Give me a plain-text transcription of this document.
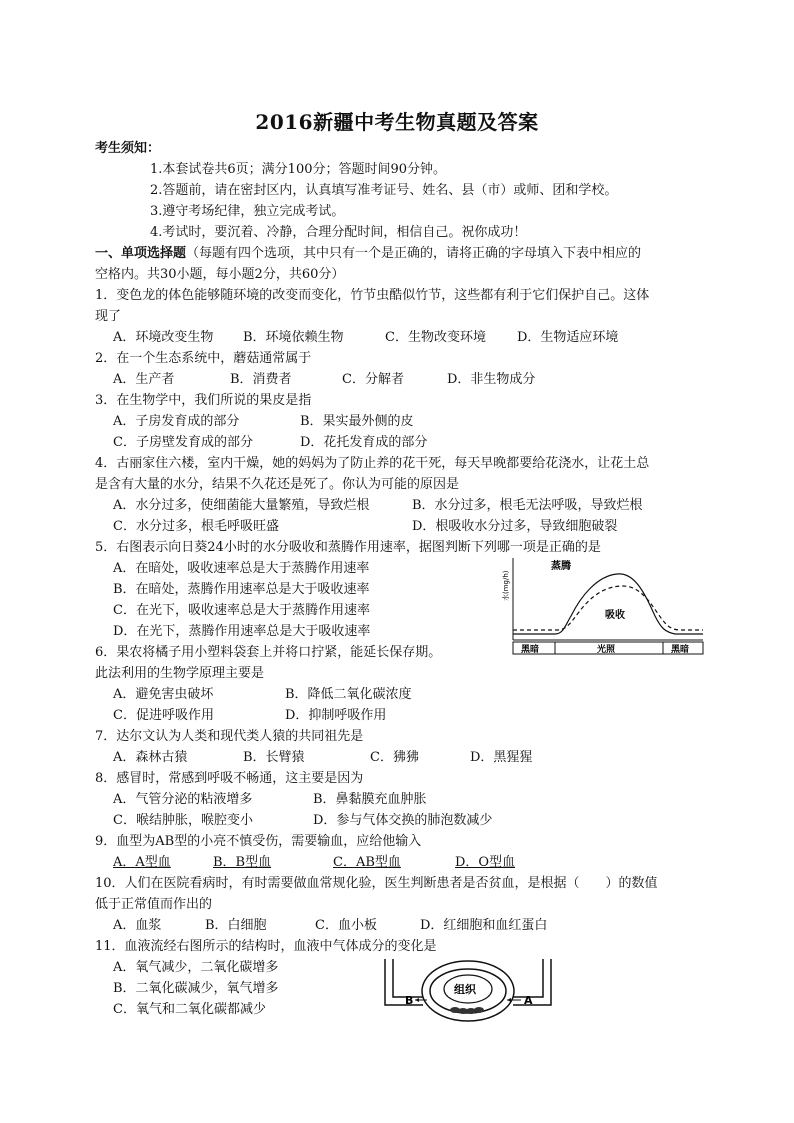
2016新疆中考生物真题及答案
考生须知：
1.本套试卷共6页；满分100分；答题时间90分钟。
2.答题前，请在密封区内，认真填写准考证号、姓名、县（市）或师、团和学校。
3.遵守考场纪律，独立完成考试。
4.考试时，要沉着、冷静，合理分配时间，相信自己。祝你成功！
一、单项选择题（每题有四个选项，其中只有一个是正确的，请将正确的字母填入下表中相应的
空格内。共30小题，每小题2分，共60分）
1．变色龙的体色能够随环境的改变而变化，竹节虫酷似竹节，这些都有利于它们保护自己。这体
现了
A．环境改变生物 B．环境依赖生物	C．生物改变环境 D．生物适应环境
2．在一个生态系统中，蘑菇通常属于
A．生产者	B．消费者	C．分解者	D．非生物成分
3．在生物学中，我们所说的果皮是指
A．子房发育成的部分	B．果实最外侧的皮
C．子房壁发育成的部分	D．花托发育成的部分
4．古丽家住六楼，室内干燥，她的妈妈为了防止养的花干死，每天早晚都要给花浇水，让花土总
是含有大量的水分，结果不久花还是死了。你认为可能的原因是
A．水分过多，使细菌能大量繁殖，导致烂根	B．水分过多，根毛无法呼吸，导致烂根
C．水分过多，根毛呼吸旺盛	D．根吸收水分过多，导致细胞破裂
5．右图表示向日葵24小时的水分吸收和蒸腾作用速率，据图判断下列哪一项是正确的是
A．在暗处，吸收速率总是大于蒸腾作用速率
B．在暗处，蒸腾作用速率总是大于吸收速率
C．在光下，吸收速率总是大于蒸腾作用速率
D．在光下，蒸腾作用速率总是大于吸收速率
水(mg/h)
蒸腾
吸收
黑暗	光照	黑暗
6．果农将橘子用小塑料袋套上并将口拧紧，能延长保存期。
此法利用的生物学原理主要是
A．避免害虫破坏	B．降低二氧化碳浓度
C．促进呼吸作用	D．抑制呼吸作用
7．达尔文认为人类和现代类人猿的共同祖先是
A．森林古猿	B．长臂猿	C．狒狒	D．黑猩猩
8．感冒时，常感到呼吸不畅通，这主要是因为
A．气管分泌的粘液增多	B．鼻黏膜充血肿胀
C．喉结肿胀，喉腔变小	D．参与气体交换的肺泡数减少
9．血型为AB型的小亮不慎受伤，需要输血，应给他输入
A．A型血	B．B型血	C．AB型血	D．O型血
10．人们在医院看病时，有时需要做血常规化验，医生判断患者是否贫血，是根据（　　）的数值
低于正常值而作出的
A．血浆	B．白细胞	C．血小板	D．红细胞和血红蛋白
11．血液流经右图所示的结构时，血液中气体成分的变化是
A．氧气减少，二氧化碳增多
B．二氧化碳减少，氧气增多
C．氧气和二氧化碳都减少
组织
B	A
